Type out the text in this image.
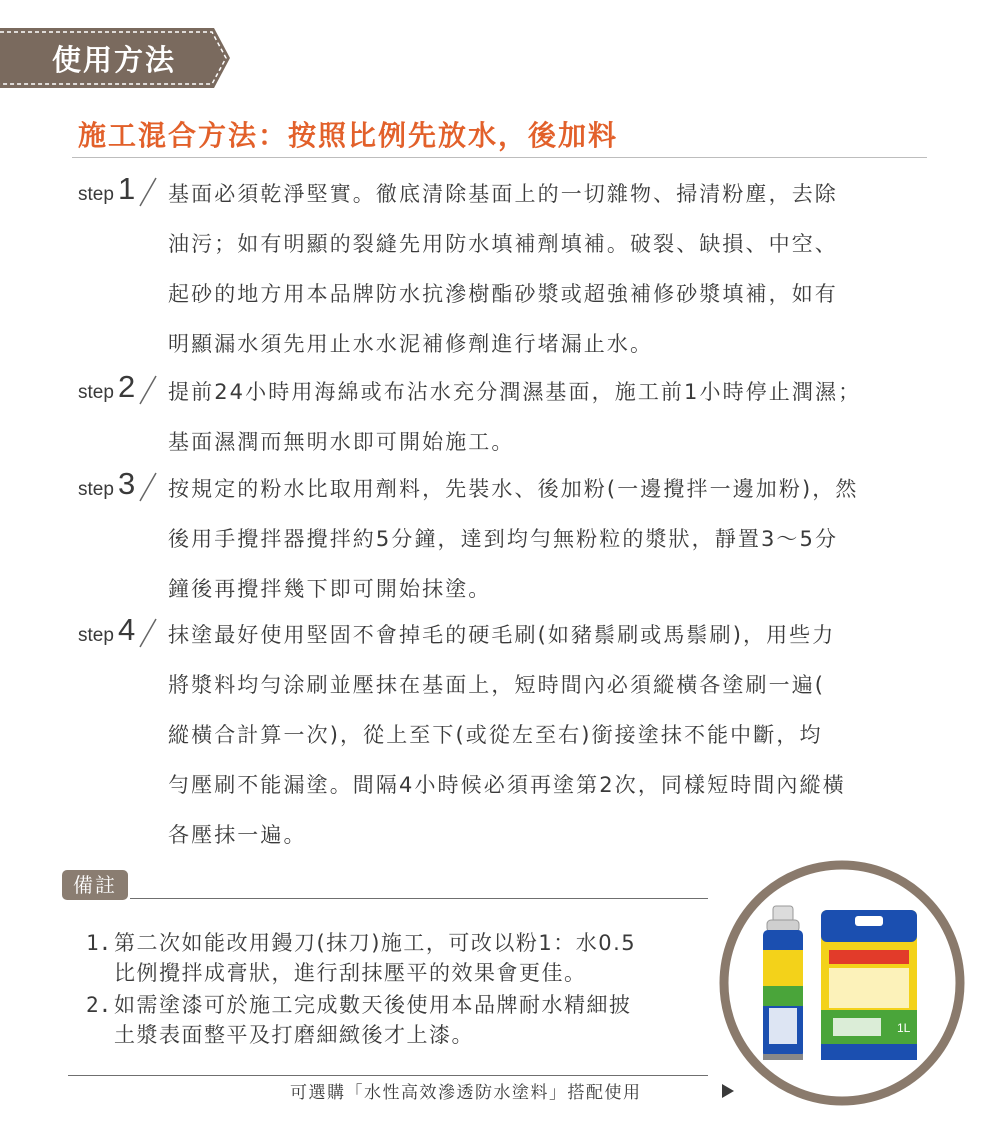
使用方法
施工混合方法：按照比例先放水，後加料
step 1 基面必須乾淨堅實。徹底清除基面上的一切雜物、掃清粉塵，去除
油污；如有明顯的裂縫先用防水填補劑填補。破裂、缺損、中空、
起砂的地方用本品牌防水抗滲樹酯砂漿或超強補修砂漿填補，如有
明顯漏水須先用止水水泥補修劑進行堵漏止水。
step 2 提前24小時用海綿或布沾水充分潤濕基面，施工前1小時停止潤濕；
基面濕潤而無明水即可開始施工。
step 3 按規定的粉水比取用劑料，先裝水、後加粉(一邊攪拌一邊加粉)，然
後用手攪拌器攪拌約5分鐘，達到均勻無粉粒的漿狀，靜置3～5分
鐘後再攪拌幾下即可開始抹塗。
step 4 抹塗最好使用堅固不會掉毛的硬毛刷(如豬鬃刷或馬鬃刷)，用些力
將漿料均勻涂刷並壓抹在基面上，短時間內必須縱橫各塗刷一遍(
縱橫合計算一次)，從上至下(或從左至右)銜接塗抹不能中斷，均
勻壓刷不能漏塗。間隔4小時候必須再塗第2次，同樣短時間內縱橫
各壓抹一遍。
備註
1. 第二次如能改用鏝刀(抹刀)施工，可改以粉1：水0.5
比例攪拌成膏狀，進行刮抹壓平的效果會更佳。
2. 如需塗漆可於施工完成數天後使用本品牌耐水精細披
土漿表面整平及打磨細緻後才上漆。
可選購「水性高效滲透防水塗料」搭配使用
1L
